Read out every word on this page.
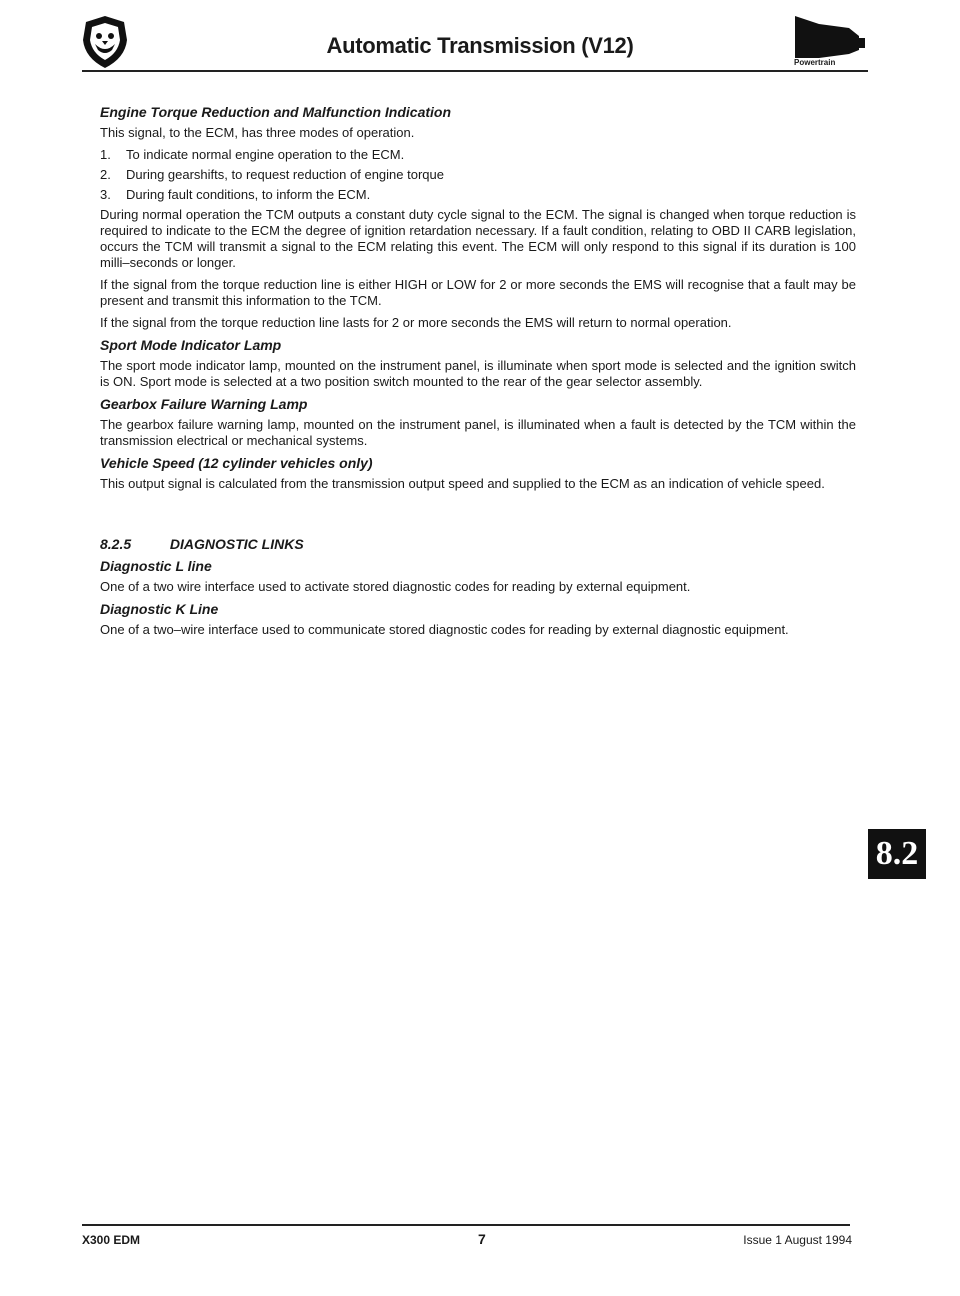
Automatic Transmission (V12)
Powertrain
Engine Torque Reduction and Malfunction Indication

This signal, to the ECM, has three modes of operation.

1.	To indicate normal engine operation to the ECM.
2.	During gearshifts, to request reduction of engine torque
3.	During fault conditions, to inform the ECM.

During normal operation the TCM outputs a constant duty cycle signal to the ECM. The signal is changed when torque reduction is required to indicate to the ECM the degree of ignition retardation necessary. If a fault condition, relating to OBD II CARB legislation, occurs the TCM will transmit a signal to the ECM relating this event. The ECM will only respond to this signal if its duration is 100 milli–seconds or longer.

If the signal from the torque reduction line is either HIGH or LOW for 2 or more seconds the EMS will recognise that a fault may be present and transmit this information to the TCM.

If the signal from the torque reduction line lasts for 2 or more seconds the EMS will return to normal operation.

Sport Mode Indicator Lamp

The sport mode indicator lamp, mounted on the instrument panel, is illuminate when sport mode is selected and the ignition switch is ON. Sport mode is selected at a two position switch mounted to the rear of the gear selector assembly.

Gearbox Failure Warning Lamp

The gearbox failure warning lamp, mounted on the instrument panel, is illuminated when a fault is detected by the TCM within the transmission electrical or mechanical systems.

Vehicle Speed (12 cylinder vehicles only)

This output signal is calculated from the transmission output speed and supplied to the ECM as an indication of vehicle speed.

8.2.5	DIAGNOSTIC LINKS
Diagnostic L line

One of a two wire interface used to activate stored diagnostic codes for reading by external equipment.

Diagnostic K Line

One of a two–wire interface used to communicate stored diagnostic codes for reading by external diagnostic equipment.

8.2
X300 EDM	7	Issue 1 August 1994
